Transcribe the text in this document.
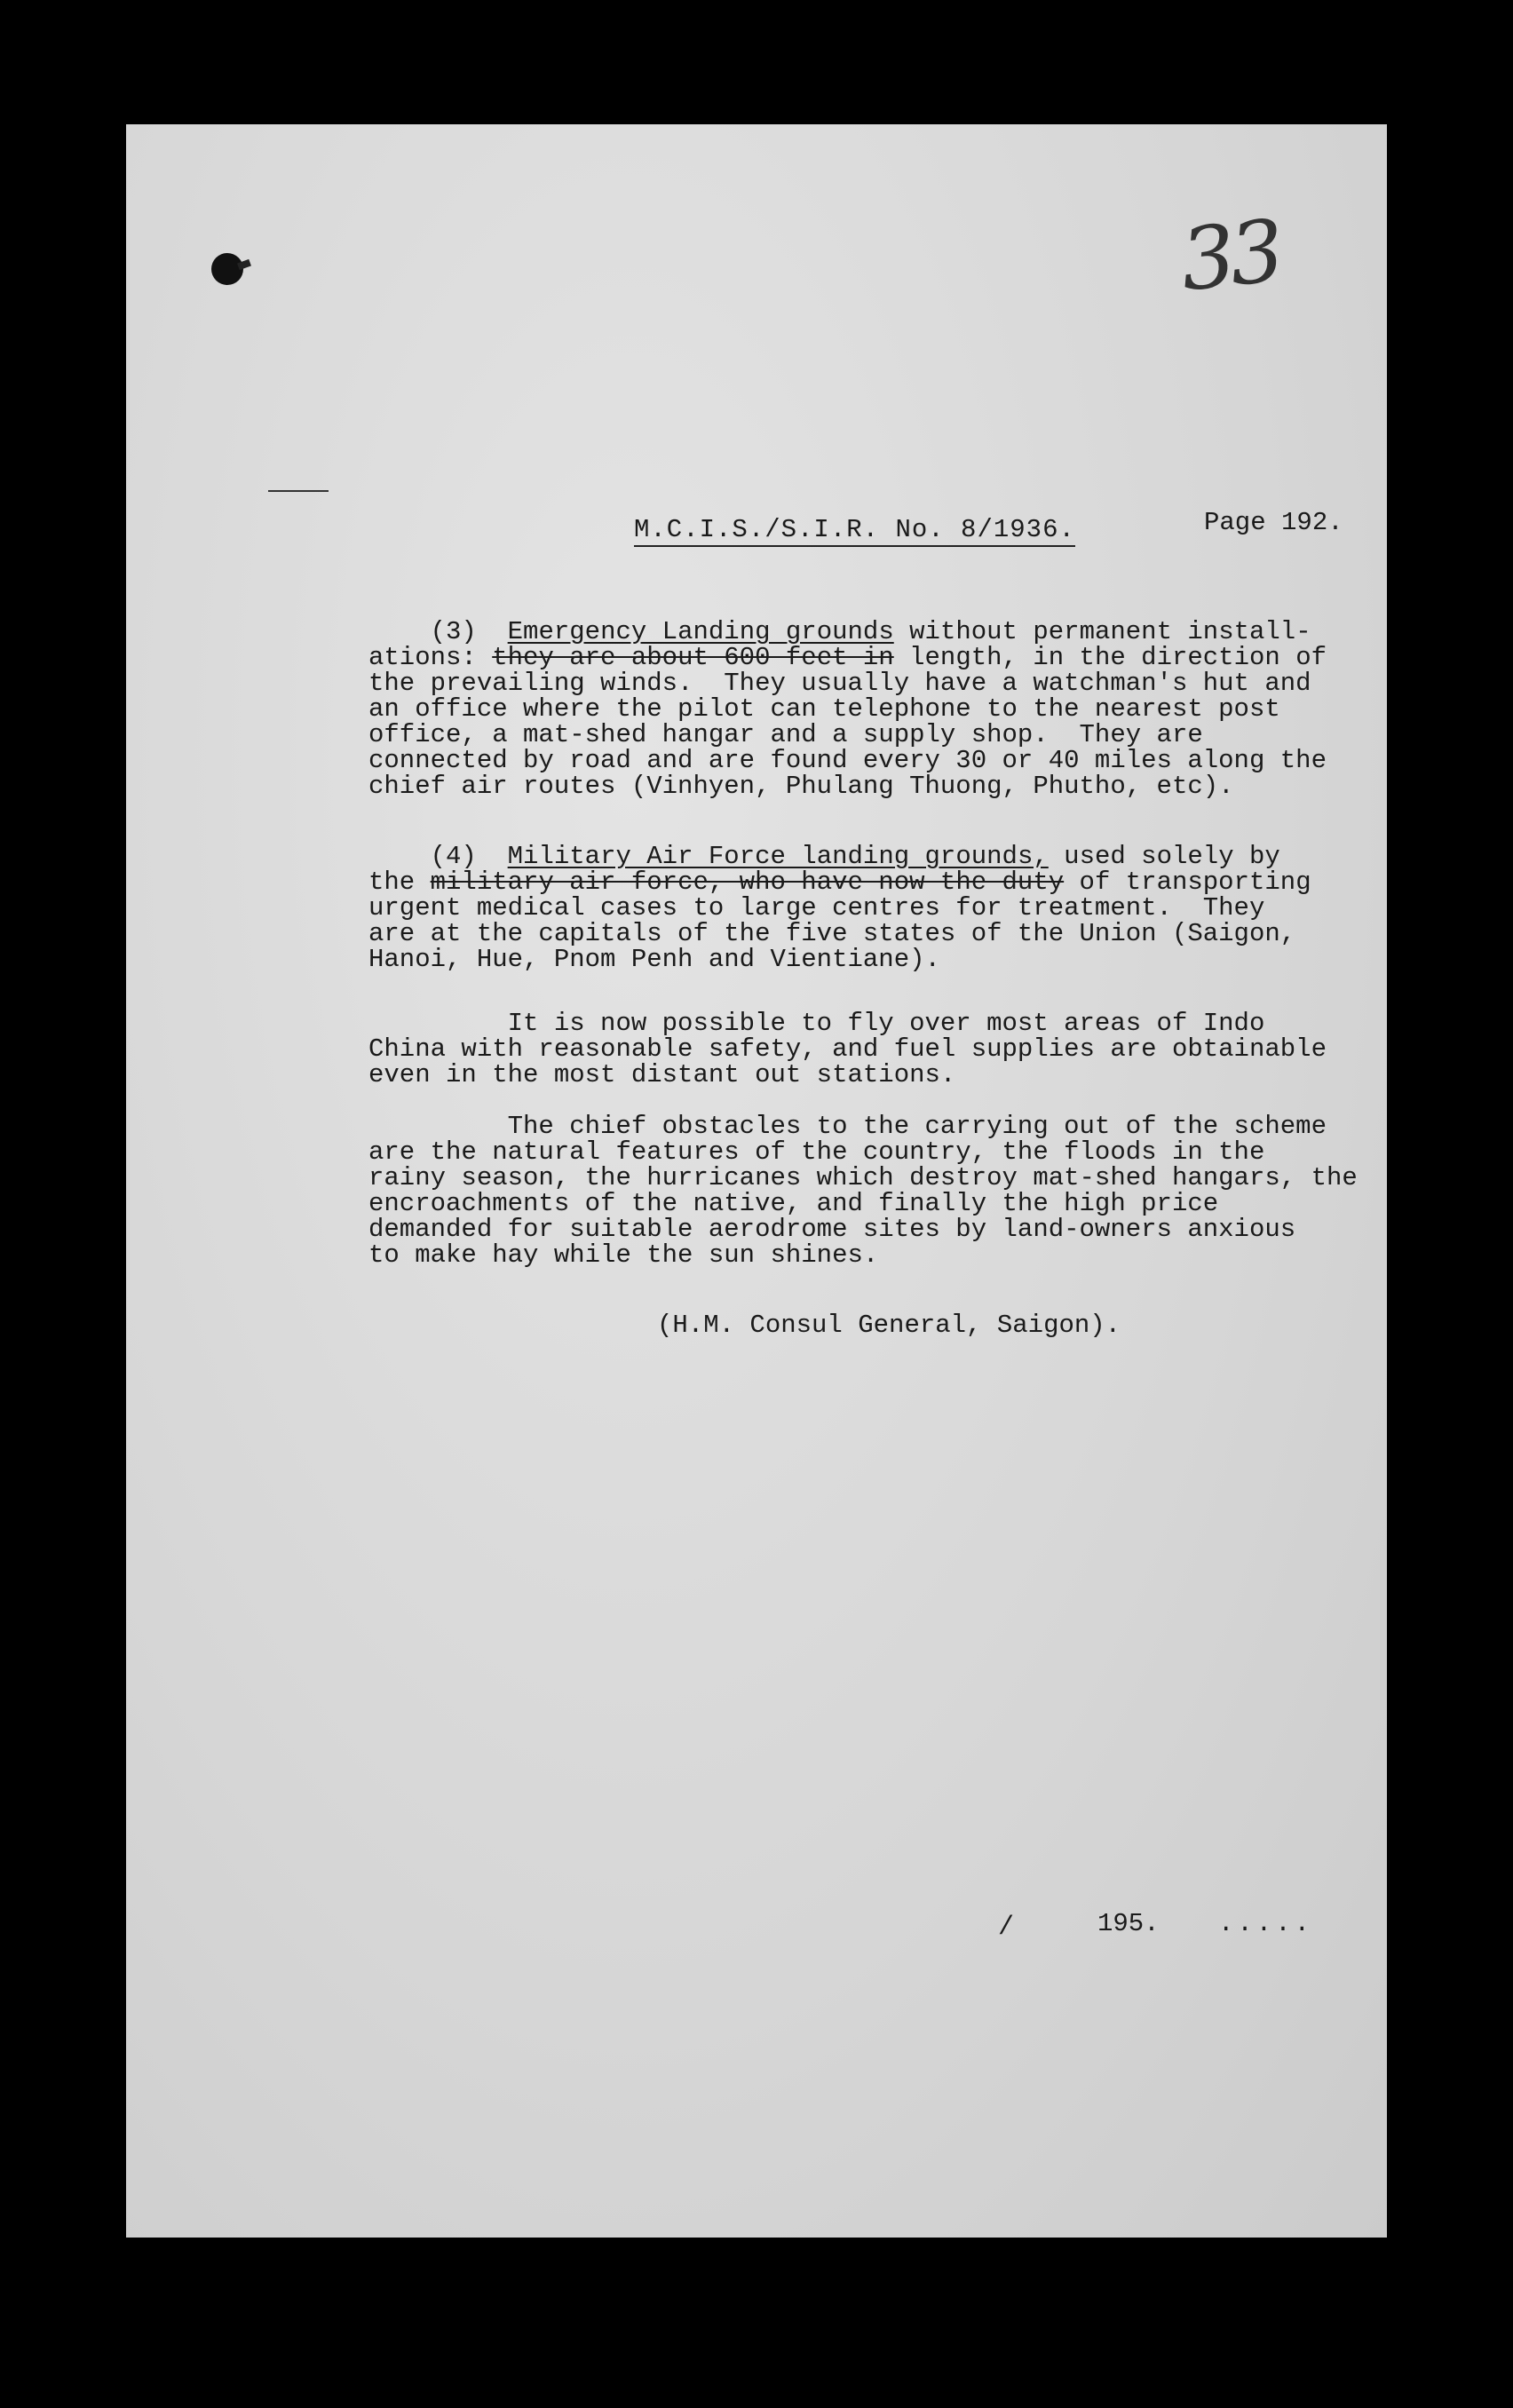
33
M.C.I.S./S.I.R. No. 8/1936.	Page 192.
(3) Emergency Landing grounds without permanent install-
ations: they are about 600 feet in length, in the direction of
the prevailing winds.  They usually have a watchman's hut and
an office where the pilot can telephone to the nearest post
office, a mat-shed hangar and a supply shop.  They are
connected by road and are found every 30 or 40 miles along the
chief air routes (Vinhyen, Phulang Thuong, Phutho, etc).
(4) Military Air Force landing grounds, used solely by
the military air force, who have now the duty of transporting
urgent medical cases to large centres for treatment.  They
are at the capitals of the five states of the Union (Saigon,
Hanoi, Hue, Pnom Penh and Vientiane).
It is now possible to fly over most areas of Indo
China with reasonable safety, and fuel supplies are obtainable
even in the most distant out stations.
The chief obstacles to the carrying out of the scheme
are the natural features of the country, the floods in the
rainy season, the hurricanes which destroy mat-shed hangars, the
encroachments of the native, and finally the high price
demanded for suitable aerodrome sites by land-owners anxious
to make hay while the sun shines.
(H.M. Consul General, Saigon).
/	195. .....
